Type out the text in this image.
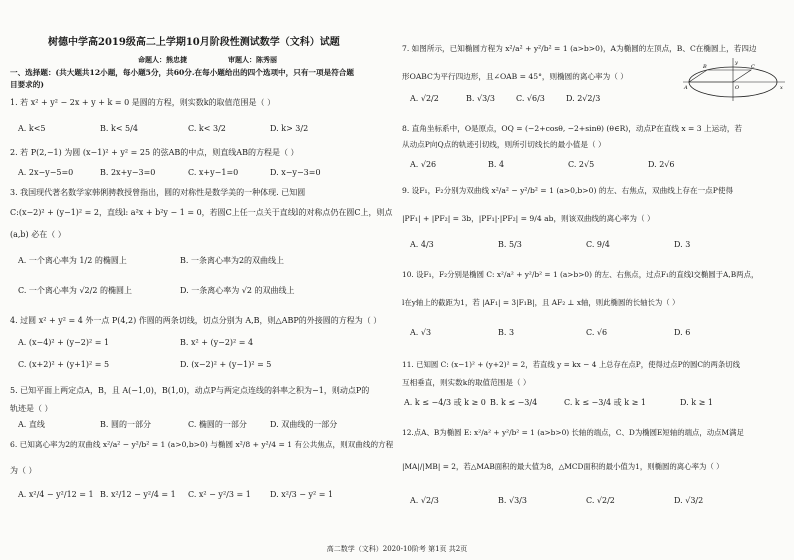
树德中学高2019级高二上学期10月阶段性测试数学（文科）试题
命题人：熊忠捷	审题人：陈秀丽
一、选择题：(共大题共12小题，每小题5分，共60分.在每小题给出的四个选项中，只有一项是符合题
目要求的)
1. 若 x² + y² − 2x + y + k = 0 是圆的方程，则实数k的取值范围是（ ）
A. k<5	B. k< 5/4	C. k< 3/2	D. k> 3/2
2. 若 P(2,−1) 为圆 (x−1)² + y² = 25 的弦AB的中点，则直线AB的方程是（ ）
A. 2x−y−5=0	B. 2x+y−3=0	C. x+y−1=0	D. x−y−3=0
3. 我国现代著名数学家韩俐骋教授曾指出，圆的对称性是数学美的一种体现. 已知圆
C:(x−2)² + (y−1)² = 2，直线l: a²x + b²y − 1 = 0，若圆C上任一点关于直线l的对称点仍在圆C上，则点
(a,b) 必在（ ）
A. 一个离心率为 1/2 的椭圆上	B. 一条离心率为2的双曲线上
C. 一个离心率为 √2/2 的椭圆上	D. 一条离心率为 √2 的双曲线上
4. 过圆 x² + y² = 4 外一点 P(4,2) 作圆的两条切线，切点分别为 A,B，则△ABP的外接圆的方程为（ ）
A. (x−4)² + (y−2)² = 1	B. x² + (y−2)² = 4
C. (x+2)² + (y+1)² = 5	D. (x−2)² + (y−1)² = 5
5. 已知平面上两定点A，B，且 A(−1,0)，B(1,0)，动点P与两定点连线的斜率之积为−1，则动点P的
轨迹是（ ）
A. 直线	B. 圆的一部分	C. 椭圆的一部分	D. 双曲线的一部分
6. 已知离心率为2的双曲线 x²/a² − y²/b² = 1 (a>0,b>0) 与椭圆 x²/8 + y²/4 = 1 有公共焦点，则双曲线的方程
为（ ）
A. x²/4 − y²/12 = 1 B. x²/12 − y²/4 = 1 C. x² − y²/3 = 1 D. x²/3 − y² = 1
7. 如图所示，已知椭圆方程为 x²/a² + y²/b² = 1 (a>b>0)，A为椭圆的左顶点，B、C在椭圆上，若四边
形OABC为平行四边形，且∠OAB = 45°，则椭圆的离心率为（ ）
A. √2/2	B. √3/3	C. √6/3	D. 2√2/3
y
B	C
A	O	x
8. 直角坐标系中，O是原点，OQ = (−2+cosθ, −2+sinθ) (θ∈R)，动点P在直线 x = 3 上运动，若
从动点P向Q点的轨迹引切线，则所引切线长的最小值是（ ）
A. √26	B. 4	C. 2√5	D. 2√6
9. 设F₁，F₂分别为双曲线 x²/a² − y²/b² = 1 (a>0,b>0) 的左、右焦点，双曲线上存在一点P使得
|PF₁| + |PF₂| = 3b，|PF₁|·|PF₂| = 9/4 ab，则该双曲线的离心率为（ ）
A. 4/3	B. 5/3	C. 9/4	D. 3
10. 设F₁，F₂分别是椭圆 C: x²/a² + y²/b² = 1 (a>b>0) 的左、右焦点，过点F₁的直线l交椭圆于A,B两点，
l在y轴上的截距为1，若 |AF₁| = 3|F₁B|，且 AF₂ ⊥ x轴，则此椭圆的长轴长为（ ）
A. √3	B. 3	C. √6	D. 6
11. 已知圆 C: (x−1)² + (y+2)² = 2，若直线 y = kx − 4 上总存在点P，使得过点P的圆C的两条切线
互相垂直，则实数k的取值范围是（ ）
A. k ≤ −4/3 或 k ≥ 0 B. k ≤ −3/4	C. k ≤ −3/4 或 k ≥ 1	D. k ≥ 1
12.点A、B为椭圆 E: x²/a² + y²/b² = 1 (a>b>0) 长轴的端点，C、D为椭圆E短轴的端点，动点M满足
|MA|/|MB| = 2，若△MAB面积的最大值为8，△MCD面积的最小值为1，则椭圆的离心率为（ ）
A. √2/3	B. √3/3	C. √2/2	D. √3/2
高二数学（文科）2020-10阶考 第1页 共2页
